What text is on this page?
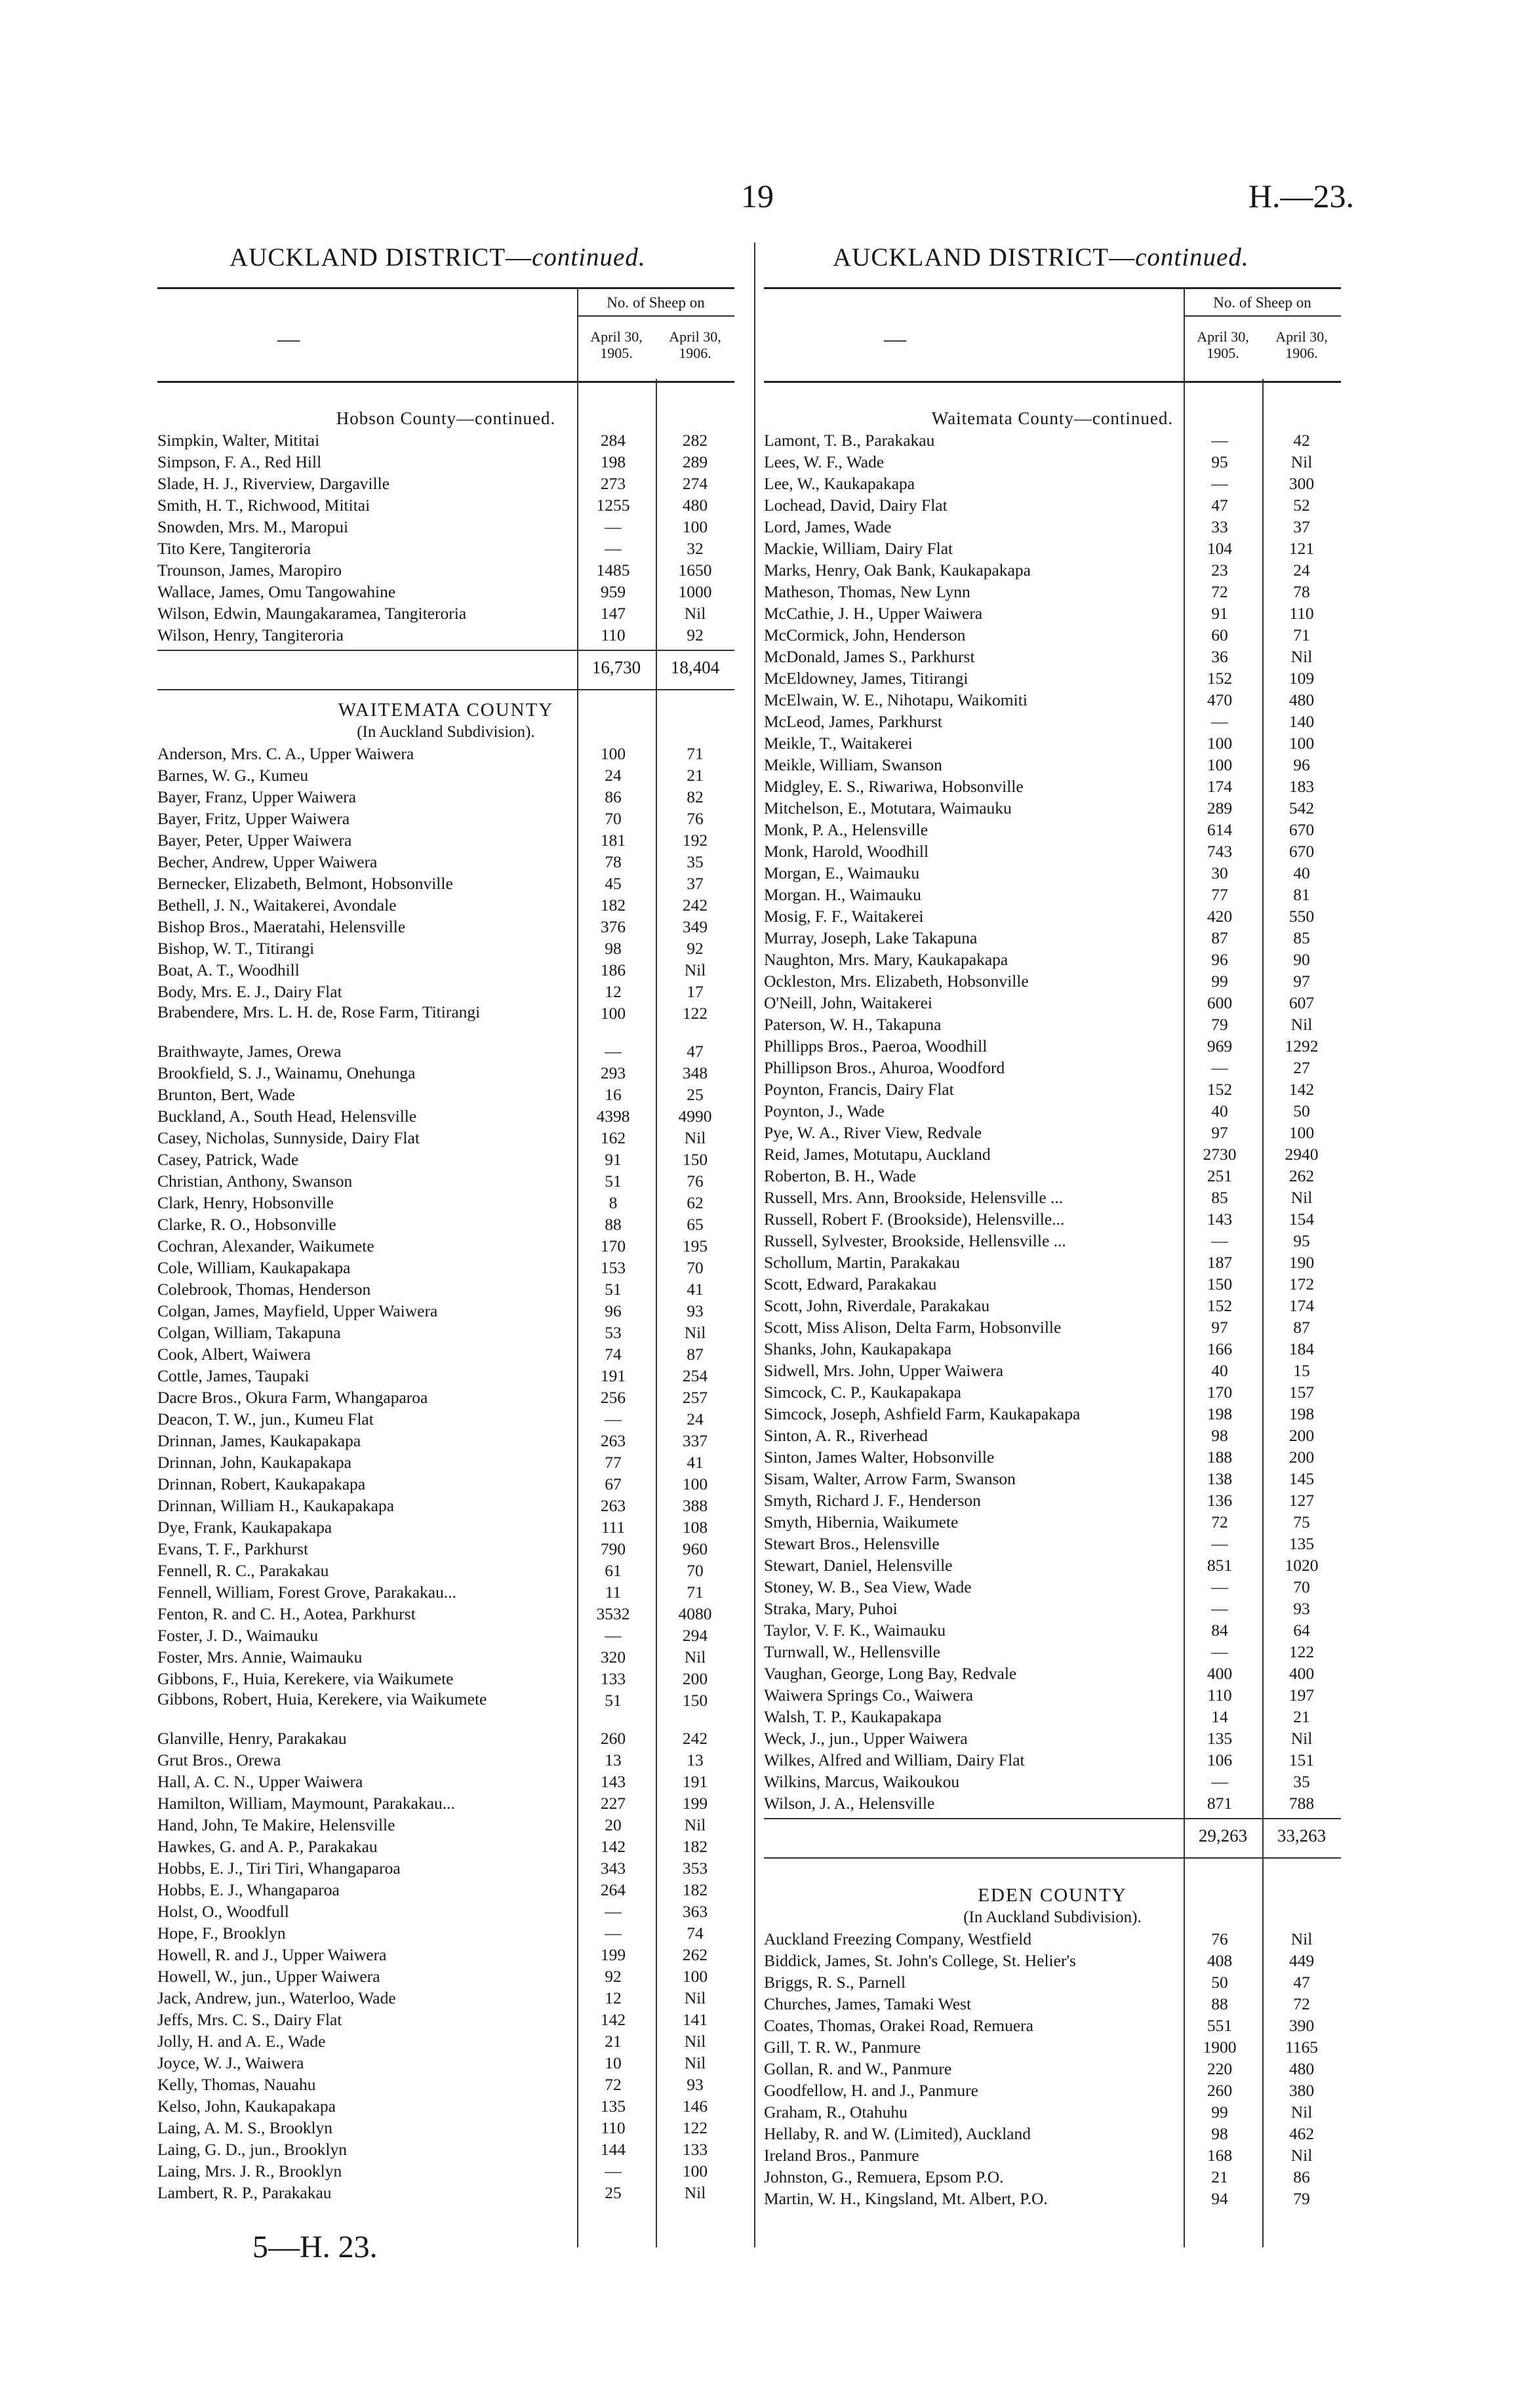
19	H.—23.
AUCKLAND DISTRICT—continued.	AUCKLAND DISTRICT—continued.
—
No. of Sheep on
April 30,
1905.
April 30,
1906.
Hobson County—continued.
Simpkin, Walter, Mititai	284	282
Simpson, F. A., Red Hill	198	289
Slade, H. J., Riverview, Dargaville	273	274
Smith, H. T., Richwood, Mititai	1255	480
Snowden, Mrs. M., Maropui	—	100
Tito Kere, Tangiteroria	—	32
Trounson, James, Maropiro	1485	1650
Wallace, James, Omu Tangowahine	959	1000
Wilson, Edwin, Maungakaramea, Tangiteroria	147	Nil
Wilson, Henry, Tangiteroria	110	92
16,730	18,404
WAITEMATA COUNTY
(In Auckland Subdivision).
Anderson, Mrs. C. A., Upper Waiwera	100	71
Barnes, W. G., Kumeu	24	21
Bayer, Franz, Upper Waiwera	86	82
Bayer, Fritz, Upper Waiwera	70	76
Bayer, Peter, Upper Waiwera	181	192
Becher, Andrew, Upper Waiwera	78	35
Bernecker, Elizabeth, Belmont, Hobsonville	45	37
Bethell, J. N., Waitakerei, Avondale	182	242
Bishop Bros., Maeratahi, Helensville	376	349
Bishop, W. T., Titirangi	98	92
Boat, A. T., Woodhill	186	Nil
Body, Mrs. E. J., Dairy Flat	12	17
Brabendere, Mrs. L. H. de, Rose Farm, Titirangi	100	122
Braithwayte, James, Orewa	—	47
Brookfield, S. J., Wainamu, Onehunga	293	348
Brunton, Bert, Wade	16	25
Buckland, A., South Head, Helensville	4398	4990
Casey, Nicholas, Sunnyside, Dairy Flat	162	Nil
Casey, Patrick, Wade	91	150
Christian, Anthony, Swanson	51	76
Clark, Henry, Hobsonville	8	62
Clarke, R. O., Hobsonville	88	65
Cochran, Alexander, Waikumete	170	195
Cole, William, Kaukapakapa	153	70
Colebrook, Thomas, Henderson	51	41
Colgan, James, Mayfield, Upper Waiwera	96	93
Colgan, William, Takapuna	53	Nil
Cook, Albert, Waiwera	74	87
Cottle, James, Taupaki	191	254
Dacre Bros., Okura Farm, Whangaparoa	256	257
Deacon, T. W., jun., Kumeu Flat	—	24
Drinnan, James, Kaukapakapa	263	337
Drinnan, John, Kaukapakapa	77	41
Drinnan, Robert, Kaukapakapa	67	100
Drinnan, William H., Kaukapakapa	263	388
Dye, Frank, Kaukapakapa	111	108
Evans, T. F., Parkhurst	790	960
Fennell, R. C., Parakakau	61	70
Fennell, William, Forest Grove, Parakakau...	11	71
Fenton, R. and C. H., Aotea, Parkhurst	3532	4080
Foster, J. D., Waimauku	—	294
Foster, Mrs. Annie, Waimauku	320	Nil
Gibbons, F., Huia, Kerekere, via Waikumete	133	200
Gibbons, Robert, Huia, Kerekere, via Waikumete	51	150
Glanville, Henry, Parakakau	260	242
Grut Bros., Orewa	13	13
Hall, A. C. N., Upper Waiwera	143	191
Hamilton, William, Maymount, Parakakau...	227	199
Hand, John, Te Makire, Helensville	20	Nil
Hawkes, G. and A. P., Parakakau	142	182
Hobbs, E. J., Tiri Tiri, Whangaparoa	343	353
Hobbs, E. J., Whangaparoa	264	182
Holst, O., Woodfull	—	363
Hope, F., Brooklyn	—	74
Howell, R. and J., Upper Waiwera	199	262
Howell, W., jun., Upper Waiwera	92	100
Jack, Andrew, jun., Waterloo, Wade	12	Nil
Jeffs, Mrs. C. S., Dairy Flat	142	141
Jolly, H. and A. E., Wade	21	Nil
Joyce, W. J., Waiwera	10	Nil
Kelly, Thomas, Nauahu	72	93
Kelso, John, Kaukapakapa	135	146
Laing, A. M. S., Brooklyn	110	122
Laing, G. D., jun., Brooklyn	144	133
Laing, Mrs. J. R., Brooklyn	—	100
Lambert, R. P., Parakakau	25	Nil
—
No. of Sheep on
April 30,
1905.
April 30,
1906.
Waitemata County—continued.
Lamont, T. B., Parakakau	—	42
Lees, W. F., Wade	95	Nil
Lee, W., Kaukapakapa	—	300
Lochead, David, Dairy Flat	47	52
Lord, James, Wade	33	37
Mackie, William, Dairy Flat	104	121
Marks, Henry, Oak Bank, Kaukapakapa	23	24
Matheson, Thomas, New Lynn	72	78
McCathie, J. H., Upper Waiwera	91	110
McCormick, John, Henderson	60	71
McDonald, James S., Parkhurst	36	Nil
McEldowney, James, Titirangi	152	109
McElwain, W. E., Nihotapu, Waikomiti	470	480
McLeod, James, Parkhurst	—	140
Meikle, T., Waitakerei	100	100
Meikle, William, Swanson	100	96
Midgley, E. S., Riwariwa, Hobsonville	174	183
Mitchelson, E., Motutara, Waimauku	289	542
Monk, P. A., Helensville	614	670
Monk, Harold, Woodhill	743	670
Morgan, E., Waimauku	30	40
Morgan. H., Waimauku	77	81
Mosig, F. F., Waitakerei	420	550
Murray, Joseph, Lake Takapuna	87	85
Naughton, Mrs. Mary, Kaukapakapa	96	90
Ockleston, Mrs. Elizabeth, Hobsonville	99	97
O'Neill, John, Waitakerei	600	607
Paterson, W. H., Takapuna	79	Nil
Phillipps Bros., Paeroa, Woodhill	969	1292
Phillipson Bros., Ahuroa, Woodford	—	27
Poynton, Francis, Dairy Flat	152	142
Poynton, J., Wade	40	50
Pye, W. A., River View, Redvale	97	100
Reid, James, Motutapu, Auckland	2730	2940
Roberton, B. H., Wade	251	262
Russell, Mrs. Ann, Brookside, Helensville ...	85	Nil
Russell, Robert F. (Brookside), Helensville...	143	154
Russell, Sylvester, Brookside, Hellensville ...	—	95
Schollum, Martin, Parakakau	187	190
Scott, Edward, Parakakau	150	172
Scott, John, Riverdale, Parakakau	152	174
Scott, Miss Alison, Delta Farm, Hobsonville	97	87
Shanks, John, Kaukapakapa	166	184
Sidwell, Mrs. John, Upper Waiwera	40	15
Simcock, C. P., Kaukapakapa	170	157
Simcock, Joseph, Ashfield Farm, Kaukapakapa	198	198
Sinton, A. R., Riverhead	98	200
Sinton, James Walter, Hobsonville	188	200
Sisam, Walter, Arrow Farm, Swanson	138	145
Smyth, Richard J. F., Henderson	136	127
Smyth, Hibernia, Waikumete	72	75
Stewart Bros., Helensville	—	135
Stewart, Daniel, Helensville	851	1020
Stoney, W. B., Sea View, Wade	—	70
Straka, Mary, Puhoi	—	93
Taylor, V. F. K., Waimauku	84	64
Turnwall, W., Hellensville	—	122
Vaughan, George, Long Bay, Redvale	400	400
Waiwera Springs Co., Waiwera	110	197
Walsh, T. P., Kaukapakapa	14	21
Weck, J., jun., Upper Waiwera	135	Nil
Wilkes, Alfred and William, Dairy Flat	106	151
Wilkins, Marcus, Waikoukou	—	35
Wilson, J. A., Helensville	871	788
29,263	33,263
EDEN COUNTY
(In Auckland Subdivision).
Auckland Freezing Company, Westfield	76	Nil
Biddick, James, St. John's College, St. Helier's	408	449
Briggs, R. S., Parnell	50	47
Churches, James, Tamaki West	88	72
Coates, Thomas, Orakei Road, Remuera	551	390
Gill, T. R. W., Panmure	1900	1165
Gollan, R. and W., Panmure	220	480
Goodfellow, H. and J., Panmure	260	380
Graham, R., Otahuhu	99	Nil
Hellaby, R. and W. (Limited), Auckland	98	462
Ireland Bros., Panmure	168	Nil
Johnston, G., Remuera, Epsom P.O.	21	86
Martin, W. H., Kingsland, Mt. Albert, P.O.	94	79
5—H. 23.
